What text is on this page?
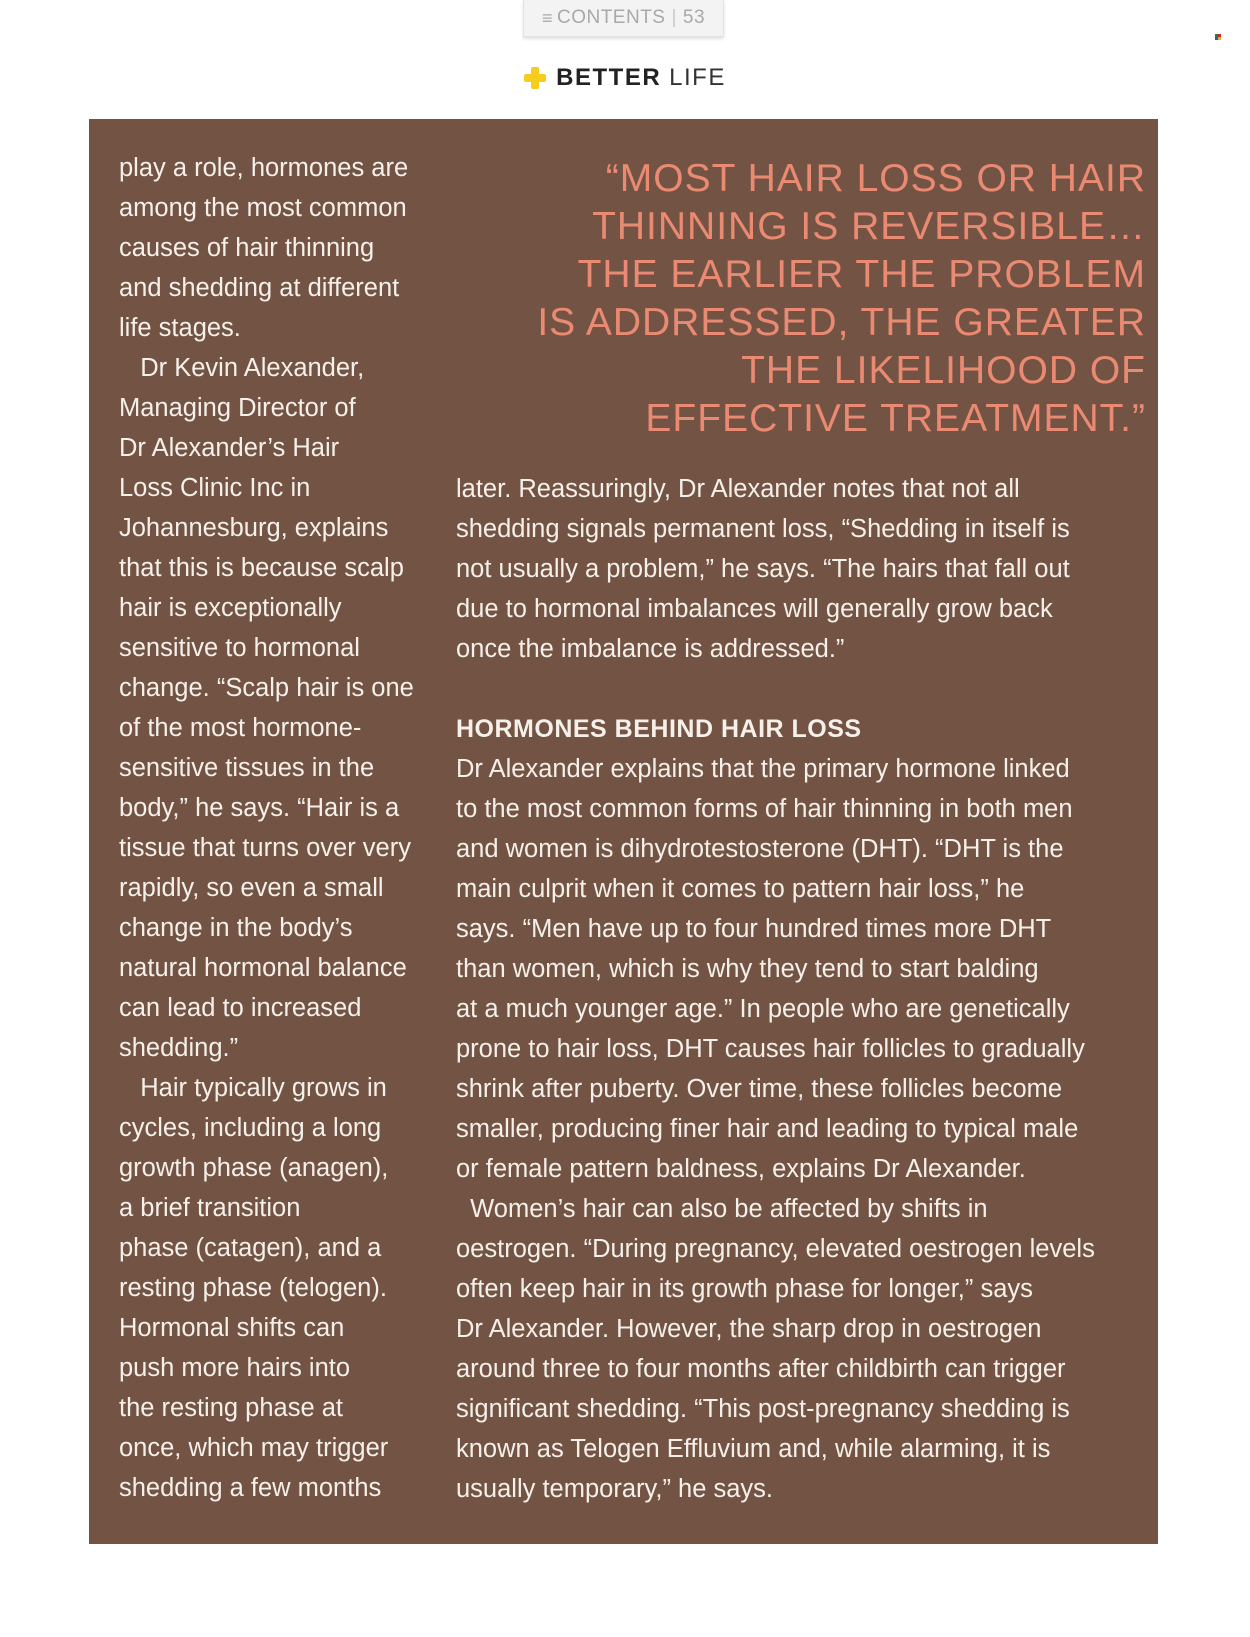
≡ CONTENTS | 53
BETTER LIFE
play a role, hormones are
among the most common
causes of hair thinning
and shedding at different
life stages.
Dr Kevin Alexander,
Managing Director of
Dr Alexander’s Hair
Loss Clinic Inc in
Johannesburg, explains
that this is because scalp
hair is exceptionally
sensitive to hormonal
change. “Scalp hair is one
of the most hormone-
sensitive tissues in the
body,” he says. “Hair is a
tissue that turns over very
rapidly, so even a small
change in the body’s
natural hormonal balance
can lead to increased
shedding.”
Hair typically grows in
cycles, including a long
growth phase (anagen),
a brief transition
phase (catagen), and a
resting phase (telogen).
Hormonal shifts can
push more hairs into
the resting phase at
once, which may trigger
shedding a few months
“MOST HAIR LOSS OR HAIR
THINNING IS REVERSIBLE…
THE EARLIER THE PROBLEM
IS ADDRESSED, THE GREATER
THE LIKELIHOOD OF
EFFECTIVE TREATMENT.”
later. Reassuringly, Dr Alexander notes that not all
shedding signals permanent loss, “Shedding in itself is
not usually a problem,” he says. “The hairs that fall out
due to hormonal imbalances will generally grow back
once the imbalance is addressed.”
HORMONES BEHIND HAIR LOSS
Dr Alexander explains that the primary hormone linked
to the most common forms of hair thinning in both men
and women is dihydrotestosterone (DHT). “DHT is the
main culprit when it comes to pattern hair loss,” he
says. “Men have up to four hundred times more DHT
than women, which is why they tend to start balding
at a much younger age.” In people who are genetically
prone to hair loss, DHT causes hair follicles to gradually
shrink after puberty. Over time, these follicles become
smaller, producing finer hair and leading to typical male
or female pattern baldness, explains Dr Alexander.
Women’s hair can also be affected by shifts in
oestrogen. “During pregnancy, elevated oestrogen levels
often keep hair in its growth phase for longer,” says
Dr Alexander. However, the sharp drop in oestrogen
around three to four months after childbirth can trigger
significant shedding. “This post-pregnancy shedding is
known as Telogen Effluvium and, while alarming, it is
usually temporary,” he says.
